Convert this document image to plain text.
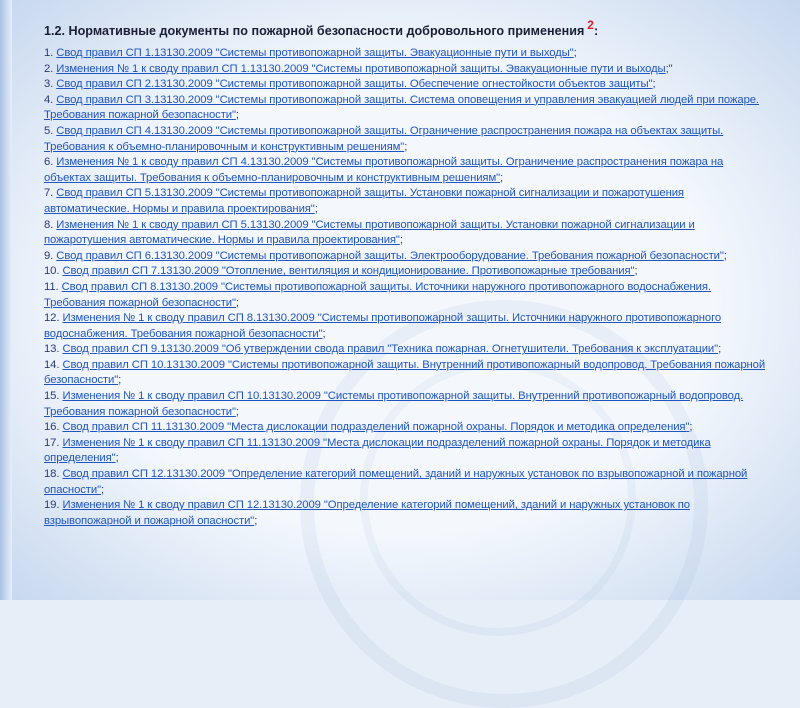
1.2. Нормативные документы по пожарной безопасности добровольного применения $^2$:

1. Свод правил СП 1.13130.2009 "Системы противопожарной защиты. Эвакуационные пути и выходы";

2. Изменения № 1 к своду правил СП 1.13130.2009 "Системы противопожарной защиты. Эвакуационные пути и выходы;"

3. Свод правил СП 2.13130.2009 "Системы противопожарной защиты. Обеспечение огнестойкости объектов защиты";

4. Свод правил СП 3.13130.2009 "Системы противопожарной защиты. Система оповещения и управления эвакуацией людей при пожаре. Требования пожарной безопасности";

5. Свод правил СП 4.13130.2009 "Системы противопожарной защиты. Ограничение распространения пожара на объектах защиты. Требования к объемно-планировочным и конструктивным решениям";

6. Изменения № 1 к своду правил СП 4.13130.2009 "Системы противопожарной защиты. Ограничение распространения пожара на объектах защиты. Требования к объемно-планировочным и конструктивным решениям";

7. Свод правил СП 5.13130.2009 "Системы противопожарной защиты. Установки пожарной сигнализации и пожаротушения автоматические. Нормы и правила проектирования";

8. Изменения № 1 к своду правил СП 5.13130.2009 "Системы противопожарной защиты. Установки пожарной сигнализации и пожаротушения автоматические. Нормы и правила проектирования";

9. Свод правил СП 6.13130.2009 "Системы противопожарной защиты. Электрооборудование. Требования пожарной безопасности";

10. Свод правил СП 7.13130.2009 "Отопление, вентиляция и кондиционирование. Противопожарные требования";

11. Свод правил СП 8.13130.2009 "Системы противопожарной защиты. Источники наружного противопожарного водоснабжения. Требования пожарной безопасности";

12. Изменения № 1 к своду правил СП 8.13130.2009 "Системы противопожарной защиты. Источники наружного противопожарного водоснабжения. Требования пожарной безопасности";

13. Свод правил СП 9.13130.2009 "Об утверждении свода правил "Техника пожарная. Огнетушители. Требования к эксплуатации";

14. Свод правил СП 10.13130.2009 "Системы противопожарной защиты. Внутренний противопожарный водопровод. Требования пожарной безопасности";

15. Изменения № 1 к своду правил СП 10.13130.2009 "Системы противопожарной защиты. Внутренний противопожарный водопровод. Требования пожарной безопасности";

16. Свод правил СП 11.13130.2009 "Места дислокации подразделений пожарной охраны. Порядок и методика определения";

17. Изменения № 1 к своду правил СП 11.13130.2009 "Места дислокации подразделений пожарной охраны. Порядок и методика определения";

18. Свод правил СП 12.13130.2009 "Определение категорий помещений, зданий и наружных установок по взрывопожарной и пожарной опасности";

19. Изменения № 1 к своду правил СП 12.13130.2009 "Определение категорий помещений, зданий и наружных установок по взрывопожарной и пожарной опасности";
